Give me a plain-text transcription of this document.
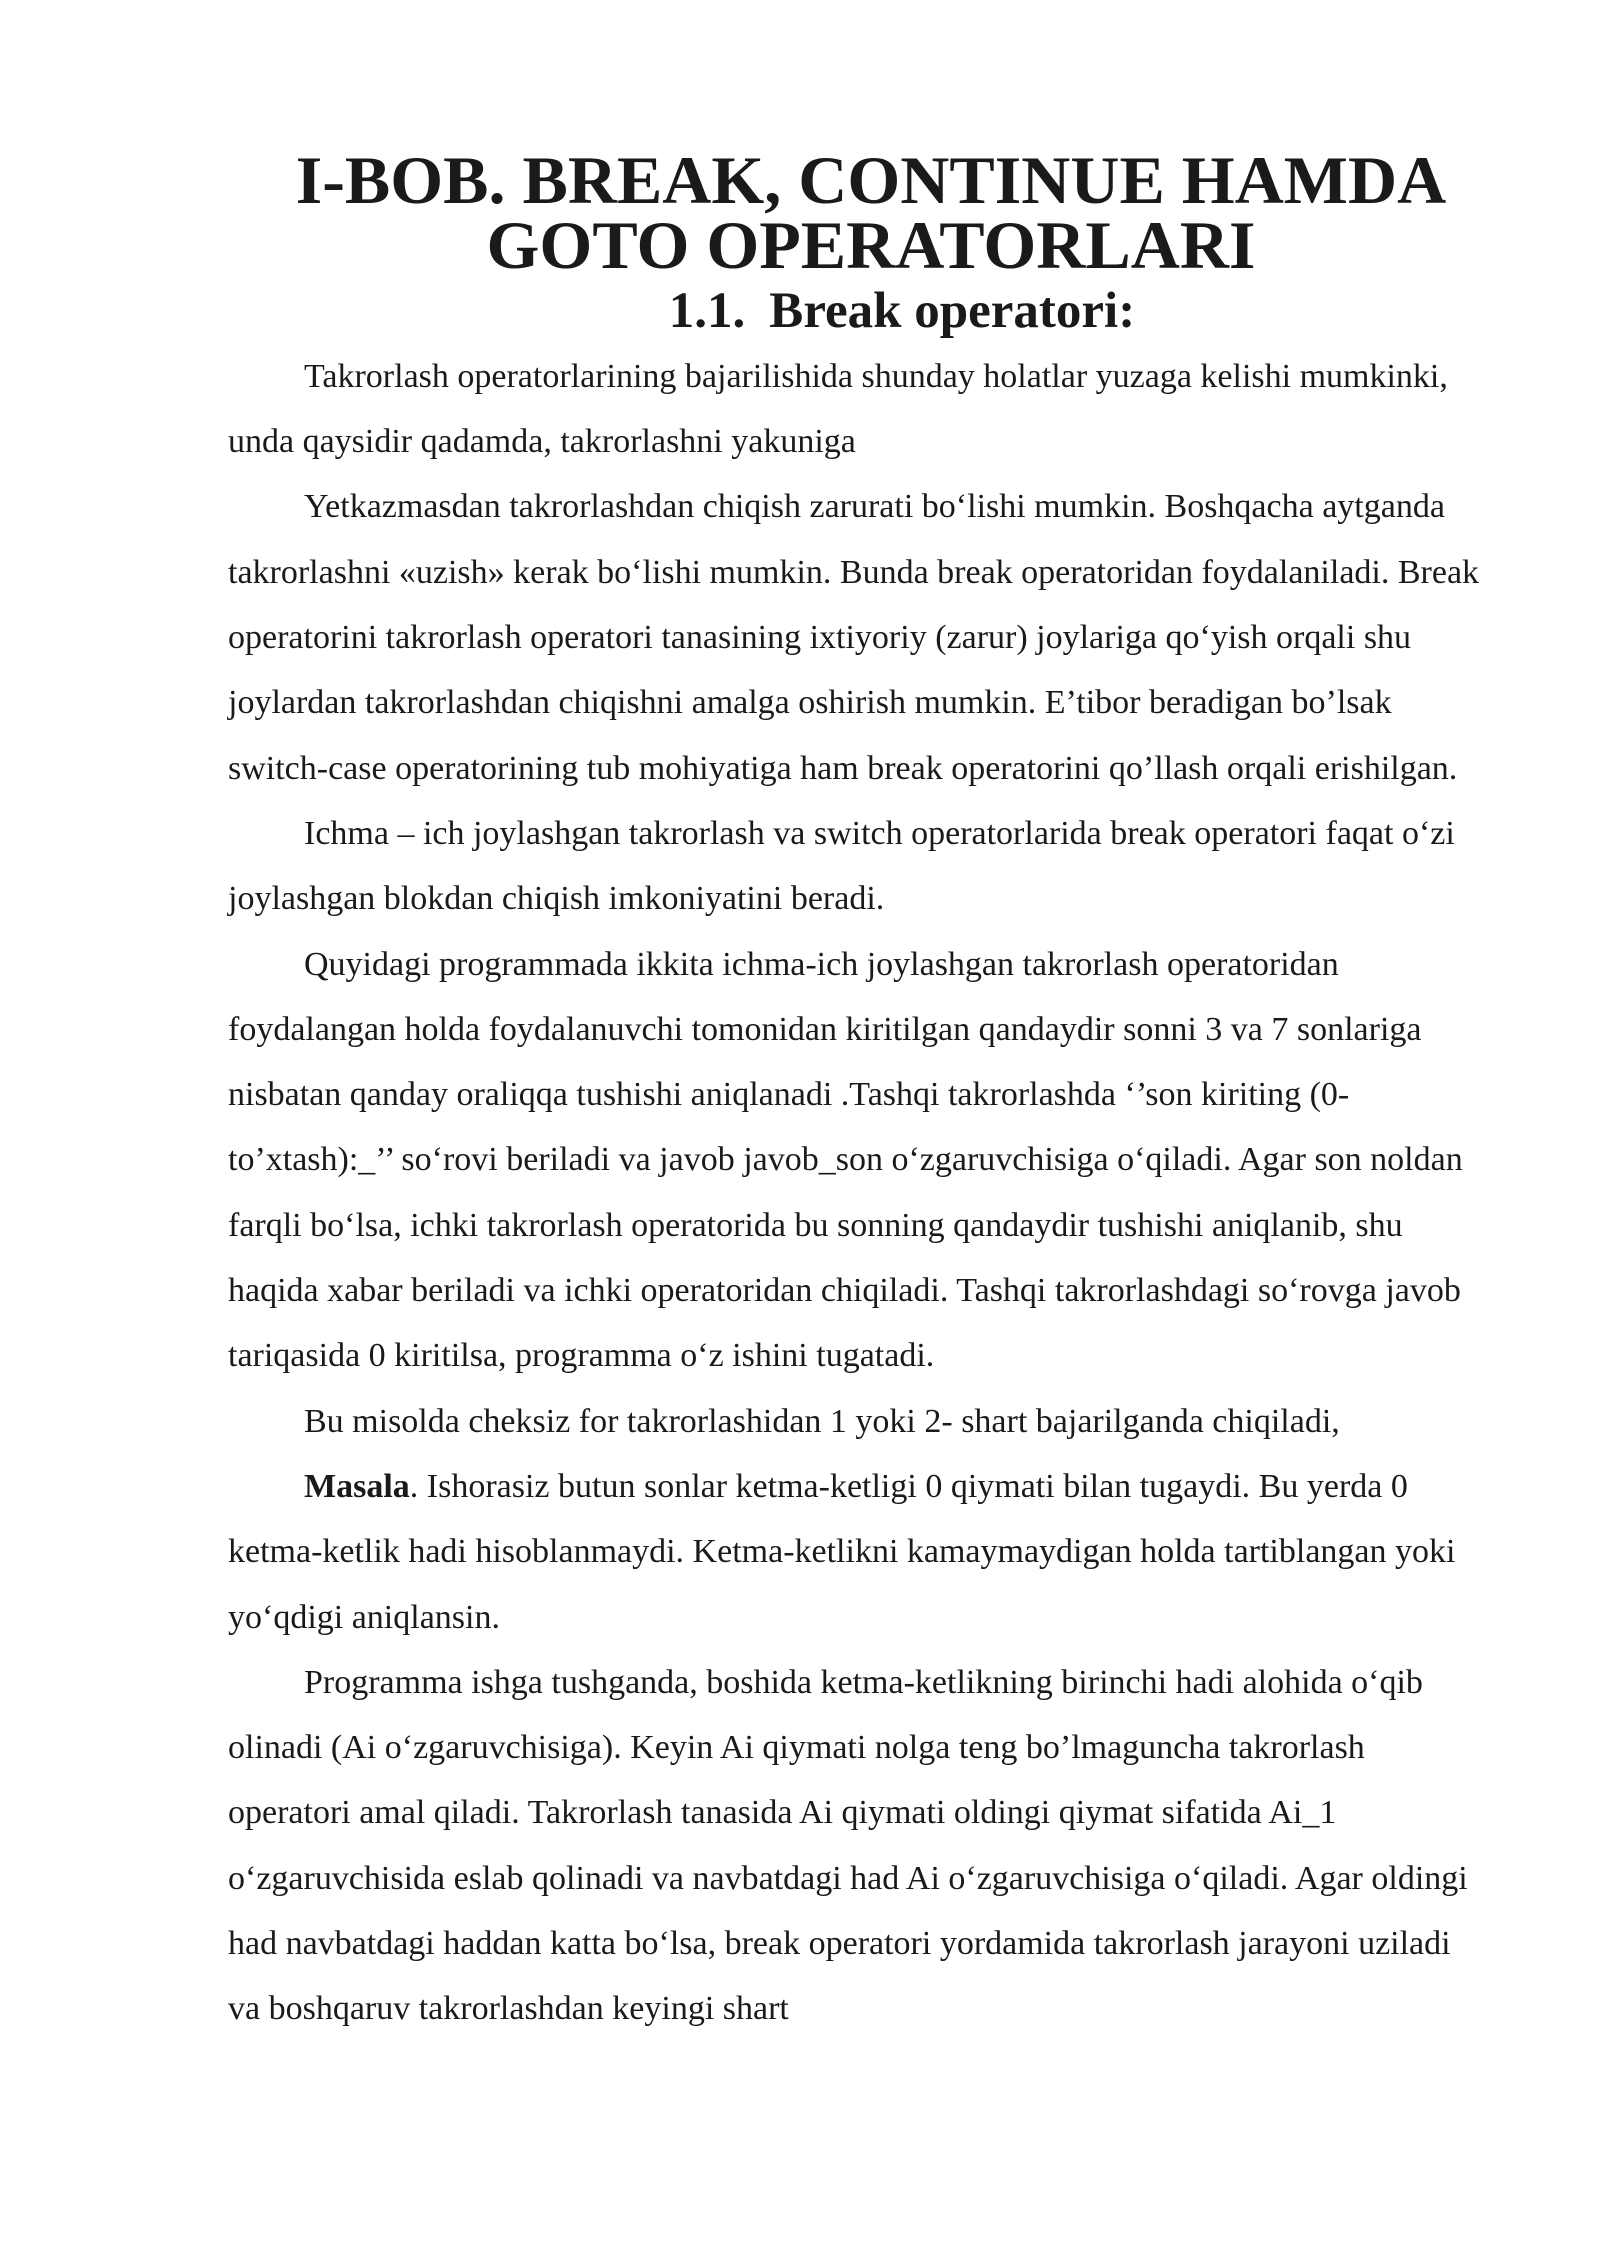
I-BOB. BREAK, CONTINUE HAMDA GOTO OPERATORLARI
1.1. Break operatori:

Takrorlash operatorlarining bajarilishida shunday holatlar yuzaga kelishi mumkinki, unda qaysidir qadamda, takrorlashni yakuniga

Yetkazmasdan takrorlashdan chiqish zarurati bo‘lishi mumkin. Boshqacha aytganda takrorlashni «uzish» kerak bo‘lishi mumkin. Bunda break operatoridan foydalaniladi. Break operatorini takrorlash operatori tanasining ixtiyoriy (zarur) joylariga qo‘yish orqali shu joylardan takrorlashdan chiqishni amalga oshirish mumkin. E’tibor beradigan bo’lsak switch-case operatorining tub mohiyatiga ham break operatorini qo’llash orqali erishilgan.

Ichma – ich joylashgan takrorlash va switch operatorlarida break operatori faqat o‘zi joylashgan blokdan chiqish imkoniyatini beradi.

Quyidagi programmada ikkita ichma-ich joylashgan takrorlash operatoridan foydalangan holda foydalanuvchi tomonidan kiritilgan qandaydir sonni 3 va 7 sonlariga nisbatan qanday oraliqqa tushishi aniqlanadi .Tashqi takrorlashda ‘’son kiriting (0-to’xtash):_’’ so‘rovi beriladi va javob javob_son o‘zgaruvchisiga o‘qiladi. Agar son noldan farqli bo‘lsa, ichki takrorlash operatorida bu sonning qandaydir tushishi aniqlanib, shu haqida xabar beriladi va ichki operatoridan chiqiladi. Tashqi takrorlashdagi so‘rovga javob tariqasida 0 kiritilsa, programma o‘z ishini tugatadi.

Bu misolda cheksiz for takrorlashidan 1 yoki 2- shart bajarilganda chiqiladi,

Masala. Ishorasiz butun sonlar ketma-ketligi 0 qiymati bilan tugaydi. Bu yerda 0 ketma-ketlik hadi hisoblanmaydi. Ketma-ketlikni kamaymaydigan holda tartiblangan yoki yo‘qdigi aniqlansin.

Programma ishga tushganda, boshida ketma-ketlikning birinchi hadi alohida o‘qib olinadi (Ai o‘zgaruvchisiga). Keyin Ai qiymati nolga teng bo’lmaguncha takrorlash operatori amal qiladi. Takrorlash tanasida Ai qiymati oldingi qiymat sifatida Ai_1 o‘zgaruvchisida eslab qolinadi va navbatdagi had Ai o‘zgaruvchisiga o‘qiladi. Agar oldingi had navbatdagi haddan katta bo‘lsa, break operatori yordamida takrorlash jarayoni uziladi va boshqaruv takrorlashdan keyingi shart
